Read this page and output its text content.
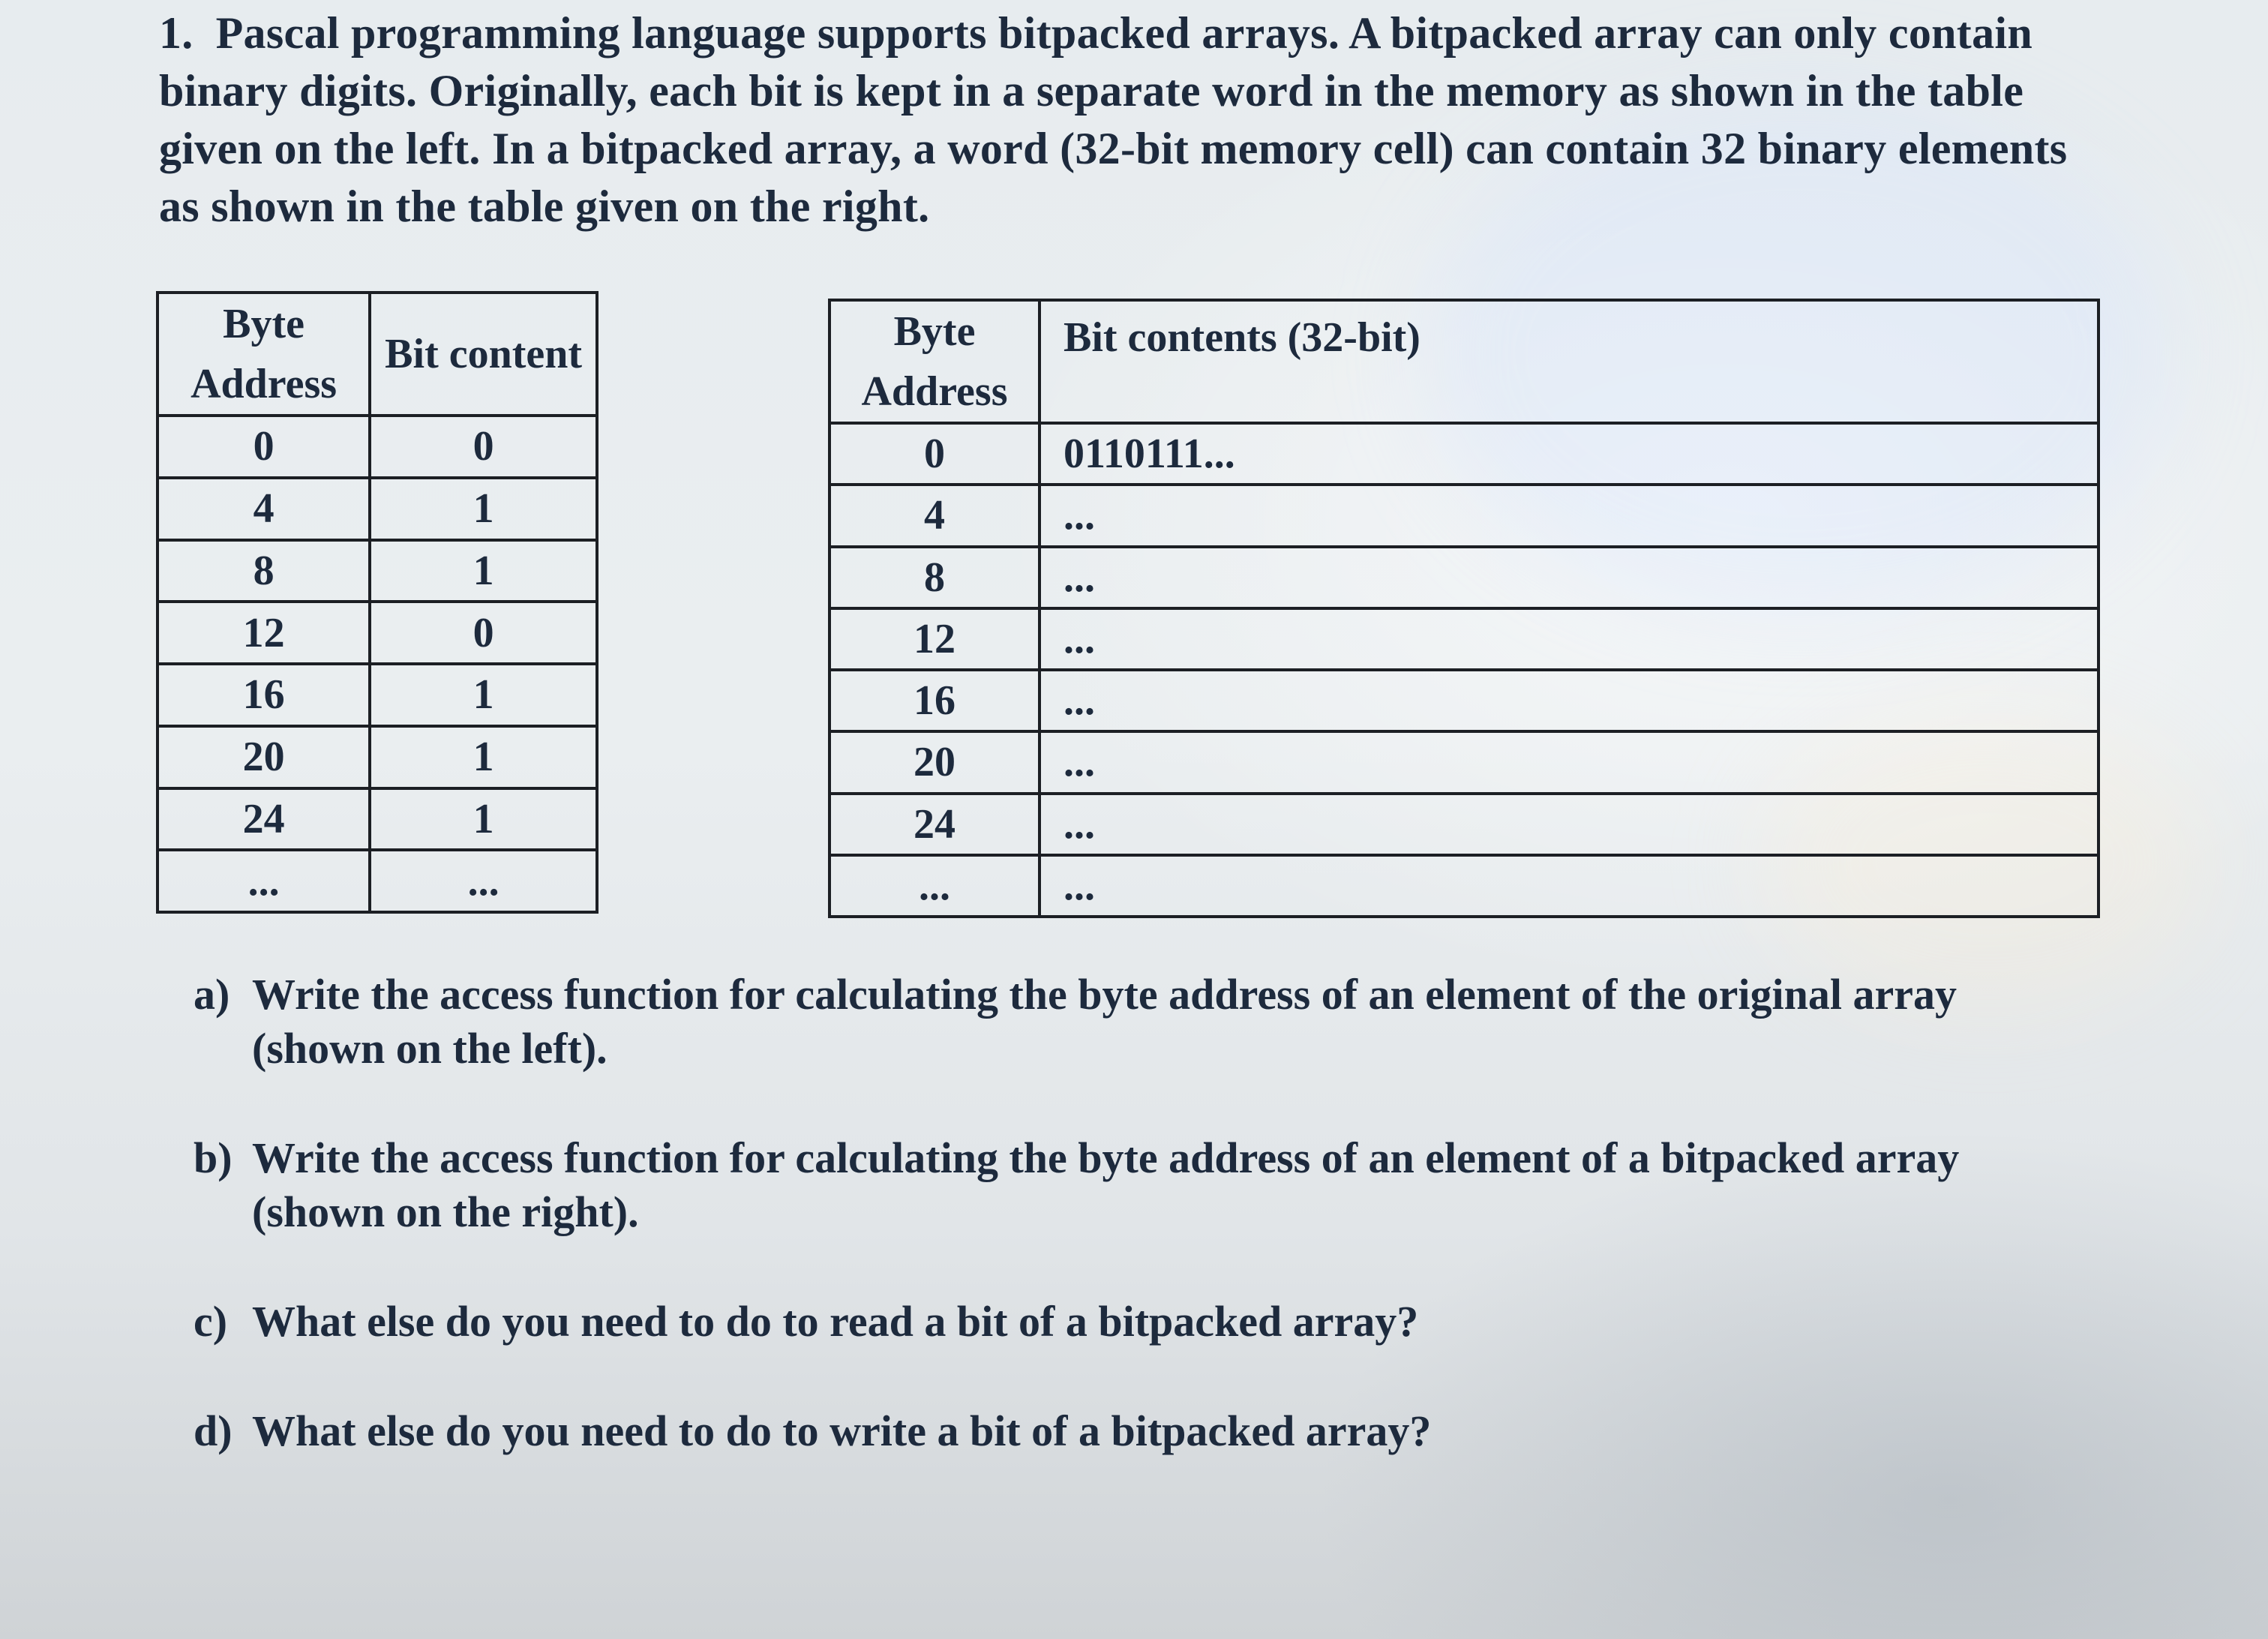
1. Pascal programming language supports bitpacked arrays. A bitpacked array can only contain binary digits. Originally, each bit is kept in a separate word in the memory as shown in the table given on the left. In a bitpacked array, a word (32-bit memory cell) can contain 32 binary elements as shown in the table given on the right.

Byte Address	Bit content
0	0
4	1
8	1
12	0
16	1
20	1
24	1
...	...
Byte Address	Bit contents (32-bit)
0	0110111...
4	...
8	...
12	...
16	...
20	...
24	...
...	...
a) Write the access function for calculating the byte address of an element of the original array (shown on the left).
b) Write the access function for calculating the byte address of an element of a bitpacked array (shown on the right).
c) What else do you need to do to read a bit of a bitpacked array?
d) What else do you need to do to write a bit of a bitpacked array?
